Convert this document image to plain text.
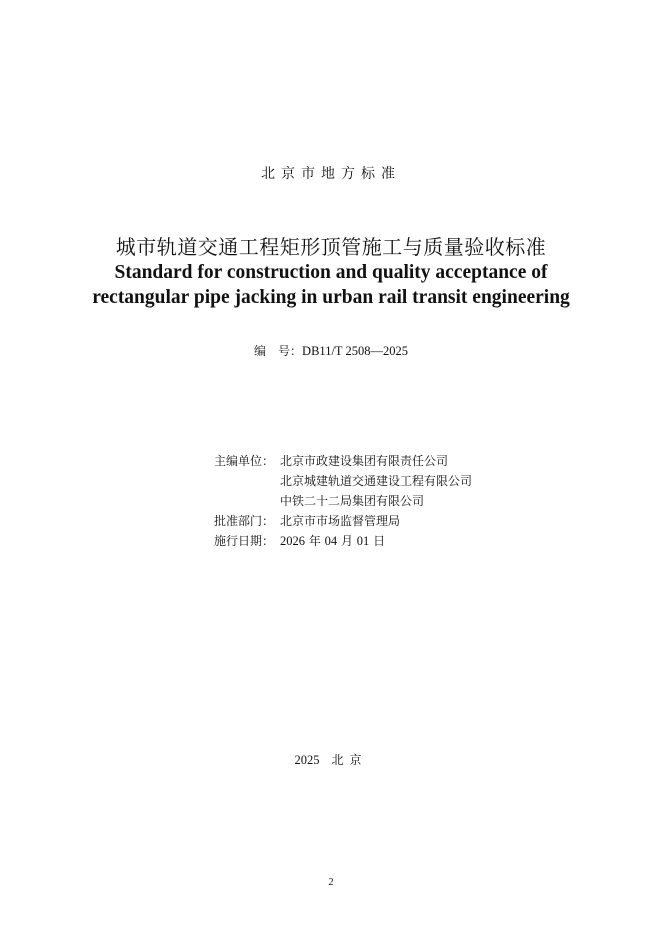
北京市地方标准
城市轨道交通工程矩形顶管施工与质量验收标准
Standard for construction and quality acceptance of
rectangular pipe jacking in urban rail transit engineering
编　号：DB11/T 2508—2025
主编单位： 北京市政建设集团有限责任公司
北京城建轨道交通建设工程有限公司
中铁二十二局集团有限公司
批准部门： 北京市市场监督管理局
施行日期： 2026 年 04 月 01 日
2025 北京
2
